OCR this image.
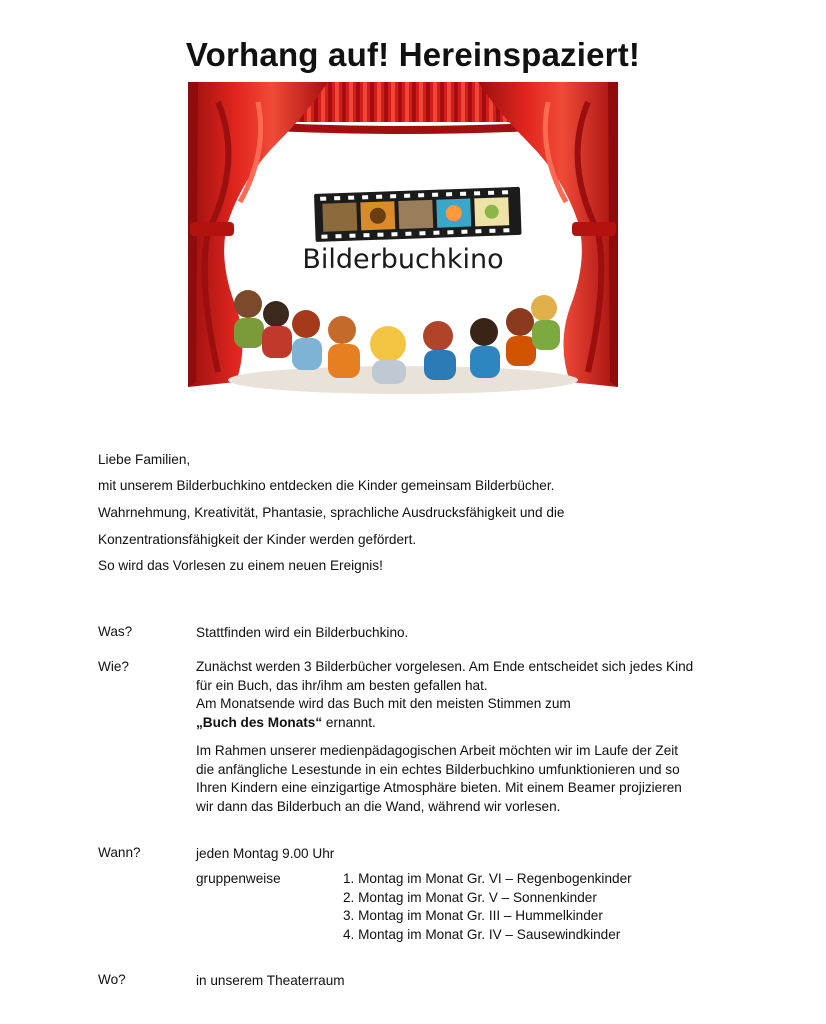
Vorhang auf! Hereinspaziert!
Bilderbuchkino
Liebe Familien,
mit unserem Bilderbuchkino entdecken die Kinder gemeinsam Bilderbücher.
Wahrnehmung, Kreativität, Phantasie, sprachliche Ausdrucksfähigkeit und die
Konzentrationsfähigkeit der Kinder werden gefördert.
So wird das Vorlesen zu einem neuen Ereignis!
Was?	Stattfinden wird ein Bilderbuchkino.
Wie?	Zunächst werden 3 Bilderbücher vorgelesen. Am Ende entscheidet sich jedes Kind
für ein Buch, das ihr/ihm am besten gefallen hat.
Am Monatsende wird das Buch mit den meisten Stimmen zum
„Buch des Monats“ ernannt.
Im Rahmen unserer medienpädagogischen Arbeit möchten wir im Laufe der Zeit
die anfängliche Lesestunde in ein echtes Bilderbuchkino umfunktionieren und so
Ihren Kindern eine einzigartige Atmosphäre bieten. Mit einem Beamer projizieren
wir dann das Bilderbuch an die Wand, während wir vorlesen.
Wann?	jeden Montag 9.00 Uhr
gruppenweise	1. Montag im Monat Gr. VI – Regenbogenkinder
2. Montag im Monat Gr. V – Sonnenkinder
3. Montag im Monat Gr. III – Hummelkinder
4. Montag im Monat Gr. IV – Sausewindkinder
Wo?	in unserem Theaterraum
